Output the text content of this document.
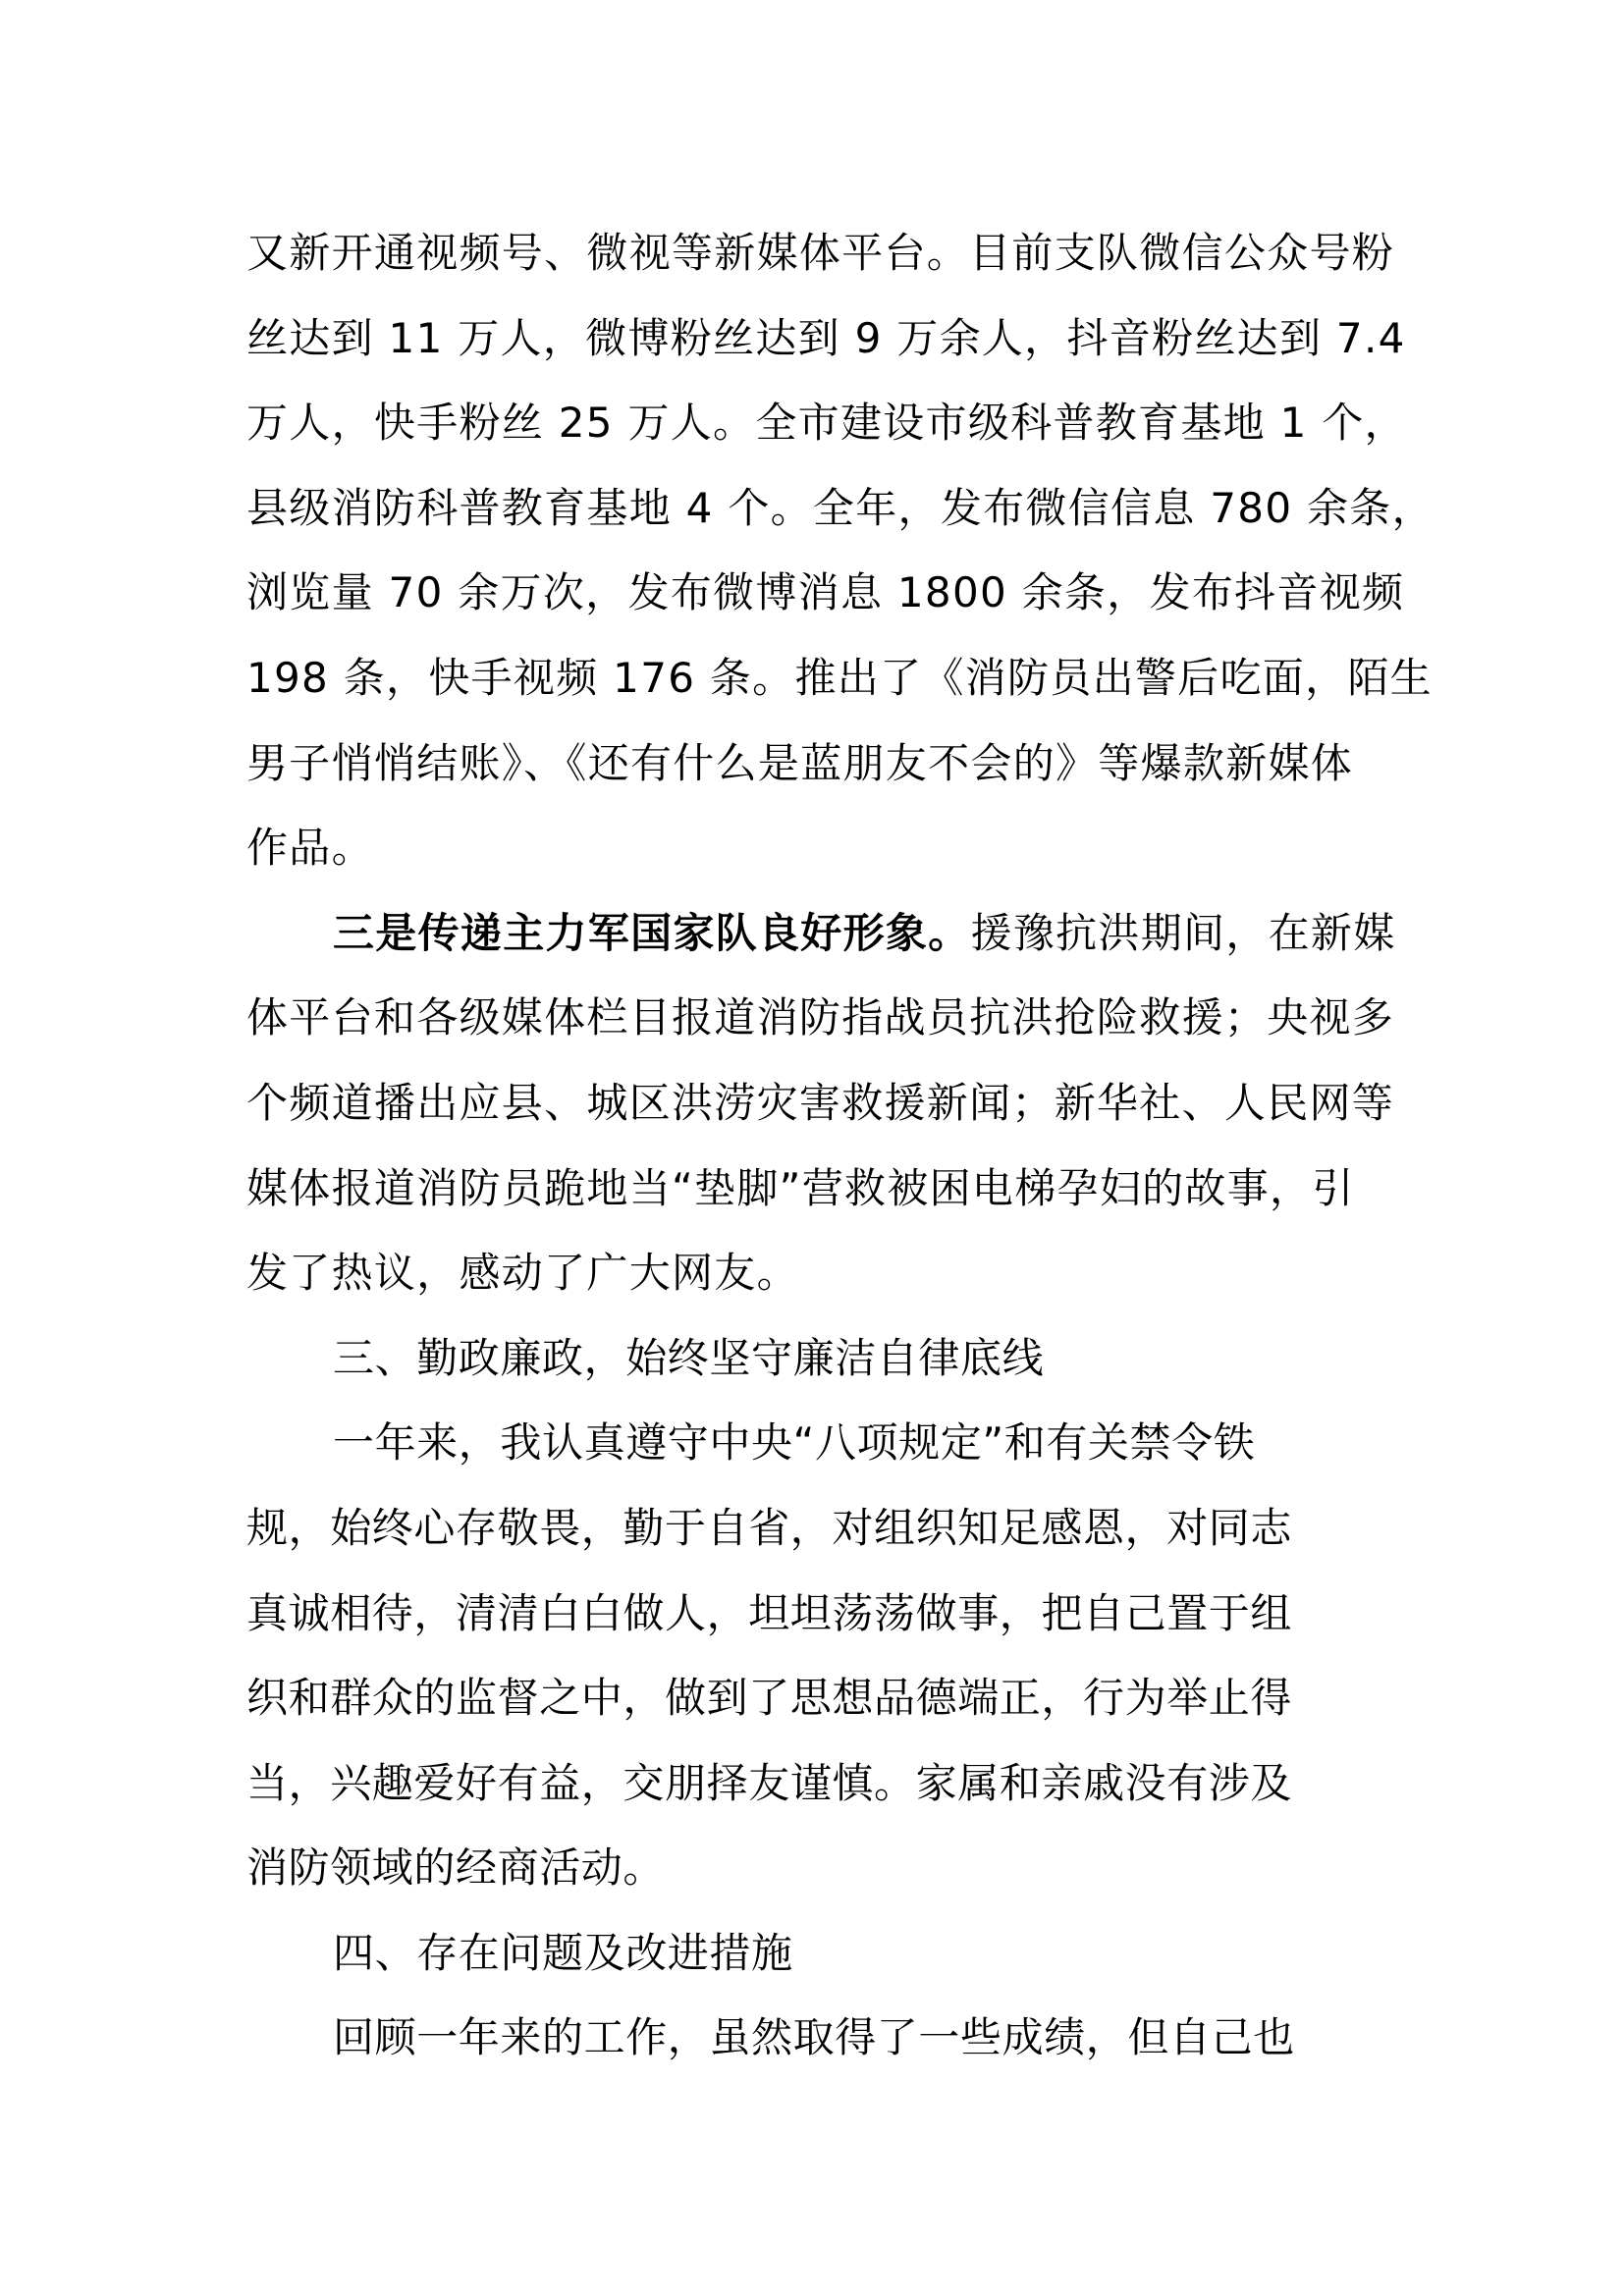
又新开通视频号、微视等新媒体平台。目前支队微信公众号粉
丝达到 11 万人，微博粉丝达到 9 万余人，抖音粉丝达到 7.4
万人，快手粉丝 25 万人。全市建设市级科普教育基地 1 个，
县级消防科普教育基地 4 个。全年，发布微信信息 780 余条，
浏览量 70 余万次，发布微博消息 1800 余条，发布抖音视频
198 条，快手视频 176 条。推出了《消防员出警后吃面，陌生
男子悄悄结账》、《还有什么是蓝朋友不会的》等爆款新媒体
作品。
三是传递主力军国家队良好形象。援豫抗洪期间，在新媒
体平台和各级媒体栏目报道消防指战员抗洪抢险救援；央视多
个频道播出应县、城区洪涝灾害救援新闻；新华社、人民网等
媒体报道消防员跪地当“垫脚”营救被困电梯孕妇的故事，引
发了热议，感动了广大网友。
三、勤政廉政，始终坚守廉洁自律底线
一年来，我认真遵守中央“八项规定”和有关禁令铁
规，始终心存敬畏，勤于自省，对组织知足感恩，对同志
真诚相待，清清白白做人，坦坦荡荡做事，把自己置于组
织和群众的监督之中，做到了思想品德端正，行为举止得
当，兴趣爱好有益，交朋择友谨慎。家属和亲戚没有涉及
消防领域的经商活动。
四、存在问题及改进措施
回顾一年来的工作，虽然取得了一些成绩，但自己也
